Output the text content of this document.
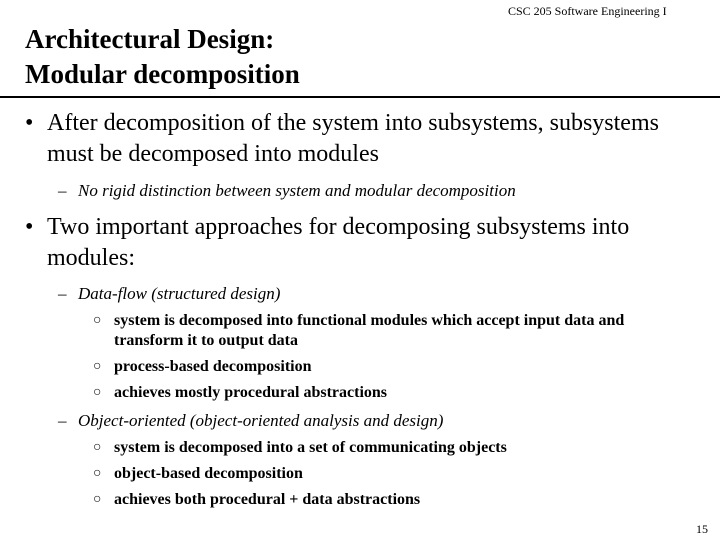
CSC 205 Software Engineering I
Architectural Design:
Modular decomposition
• After decomposition of the system into subsystems, subsystems must be decomposed into modules
– No rigid distinction between system and modular decomposition
• Two important approaches for decomposing subsystems into modules:
– Data-flow (structured design)
○ system is decomposed into functional modules which accept input data and transform it to output data
○ process-based decomposition
○ achieves mostly procedural abstractions
– Object-oriented (object-oriented analysis and design)
○ system is decomposed into a set of communicating objects
○ object-based decomposition
○ achieves both procedural + data abstractions
15
